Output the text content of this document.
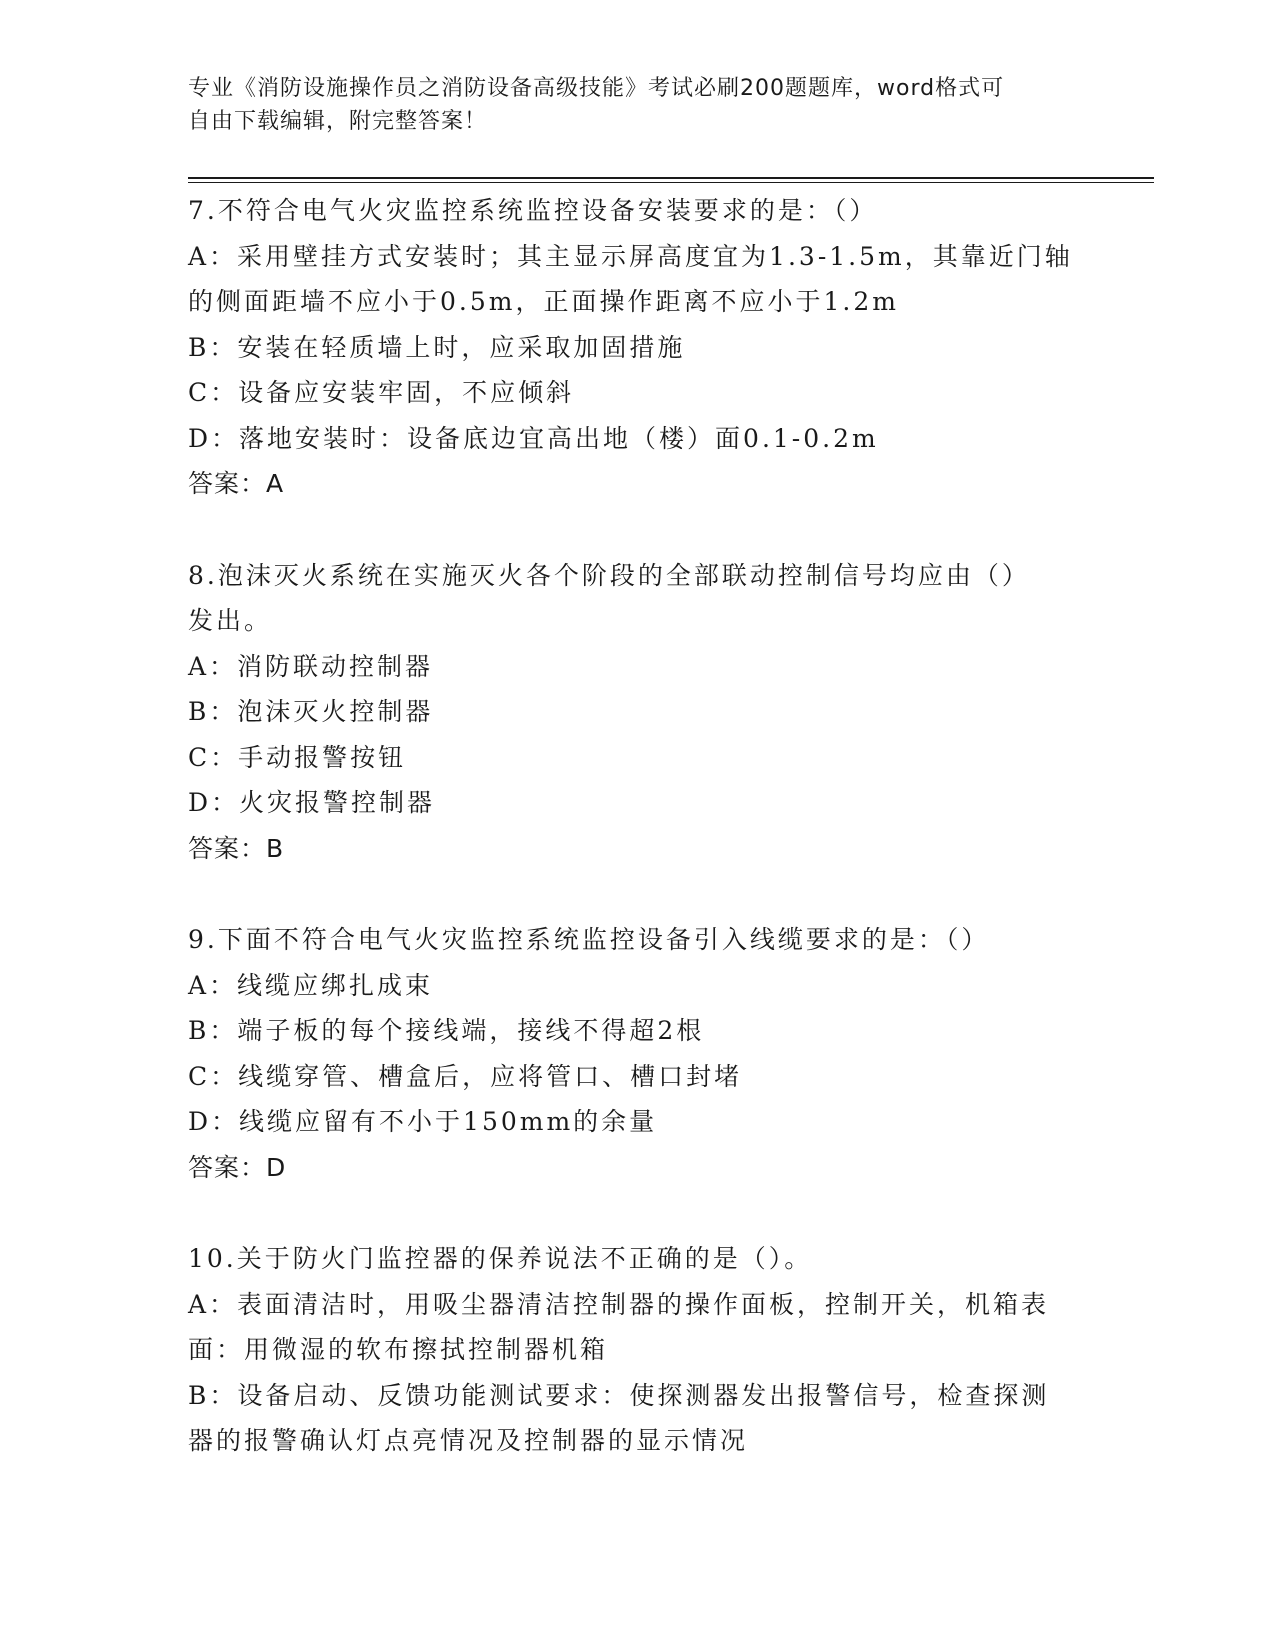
专业《消防设施操作员之消防设备高级技能》考试必刷200题题库，word格式可
自由下载编辑，附完整答案！
7.不符合电气火灾监控系统监控设备安装要求的是：（）
A：采用壁挂方式安装时；其主显示屏高度宜为1.3-1.5m，其靠近门轴
的侧面距墙不应小于0.5m，正面操作距离不应小于1.2m
B：安装在轻质墙上时，应采取加固措施
C：设备应安装牢固，不应倾斜
D：落地安装时：设备底边宜高出地（楼）面0.1-0.2m
答案：A
8.泡沫灭火系统在实施灭火各个阶段的全部联动控制信号均应由（）
发出。
A：消防联动控制器
B：泡沫灭火控制器
C：手动报警按钮
D：火灾报警控制器
答案：B
9.下面不符合电气火灾监控系统监控设备引入线缆要求的是：（）
A：线缆应绑扎成束
B：端子板的每个接线端，接线不得超2根
C：线缆穿管、槽盒后，应将管口、槽口封堵
D：线缆应留有不小于150mm的余量
答案：D
10.关于防火门监控器的保养说法不正确的是（）。
A：表面清洁时，用吸尘器清洁控制器的操作面板，控制开关，机箱表
面：用微湿的软布擦拭控制器机箱
B：设备启动、反馈功能测试要求：使探测器发出报警信号，检查探测
器的报警确认灯点亮情况及控制器的显示情况
